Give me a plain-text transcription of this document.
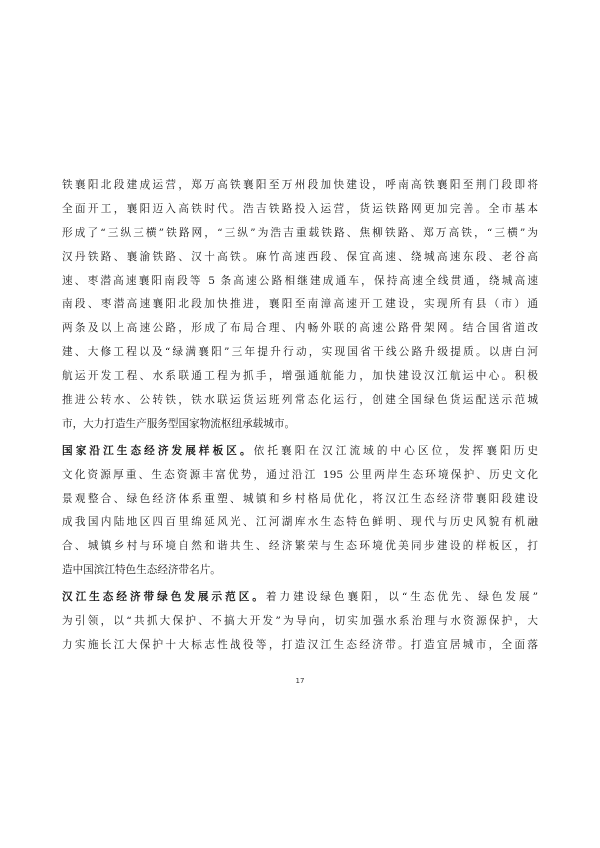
铁襄阳北段建成运营，郑万高铁襄阳至万州段加快建设，呼南高铁襄阳至荆门段即将
全面开工，襄阳迈入高铁时代。浩吉铁路投入运营，货运铁路网更加完善。全市基本
形成了“三纵三横”铁路网，“三纵”为浩吉重载铁路、焦柳铁路、郑万高铁，“三横”为
汉丹铁路、襄渝铁路、汉十高铁。麻竹高速西段、保宜高速、绕城高速东段、老谷高
速、枣潜高速襄阳南段等 5 条高速公路相继建成通车，保持高速全线贯通，绕城高速
南段、枣潜高速襄阳北段加快推进，襄阳至南漳高速开工建设，实现所有县（市）通
两条及以上高速公路，形成了布局合理、内畅外联的高速公路骨架网。结合国省道改
建、大修工程以及“绿满襄阳”三年提升行动，实现国省干线公路升级提质。以唐白河
航运开发工程、水系联通工程为抓手，增强通航能力，加快建设汉江航运中心。积极
推进公转水、公转铁，铁水联运货运班列常态化运行，创建全国绿色货运配送示范城
市，大力打造生产服务型国家物流枢纽承载城市。
国家沿江生态经济发展样板区。依托襄阳在汉江流域的中心区位，发挥襄阳历史
文化资源厚重、生态资源丰富优势，通过沿江 195 公里两岸生态环境保护、历史文化
景观整合、绿色经济体系重塑、城镇和乡村格局优化，将汉江生态经济带襄阳段建设
成我国内陆地区四百里绵延风光、江河湖库水生态特色鲜明、现代与历史风貌有机融
合、城镇乡村与环境自然和谐共生、经济繁荣与生态环境优美同步建设的样板区，打
造中国滨江特色生态经济带名片。
汉江生态经济带绿色发展示范区。着力建设绿色襄阳，以“生态优先、绿色发展”
为引领，以“共抓大保护、不搞大开发”为导向，切实加强水系治理与水资源保护，大
力实施长江大保护十大标志性战役等，打造汉江生态经济带。打造宜居城市，全面落
17
